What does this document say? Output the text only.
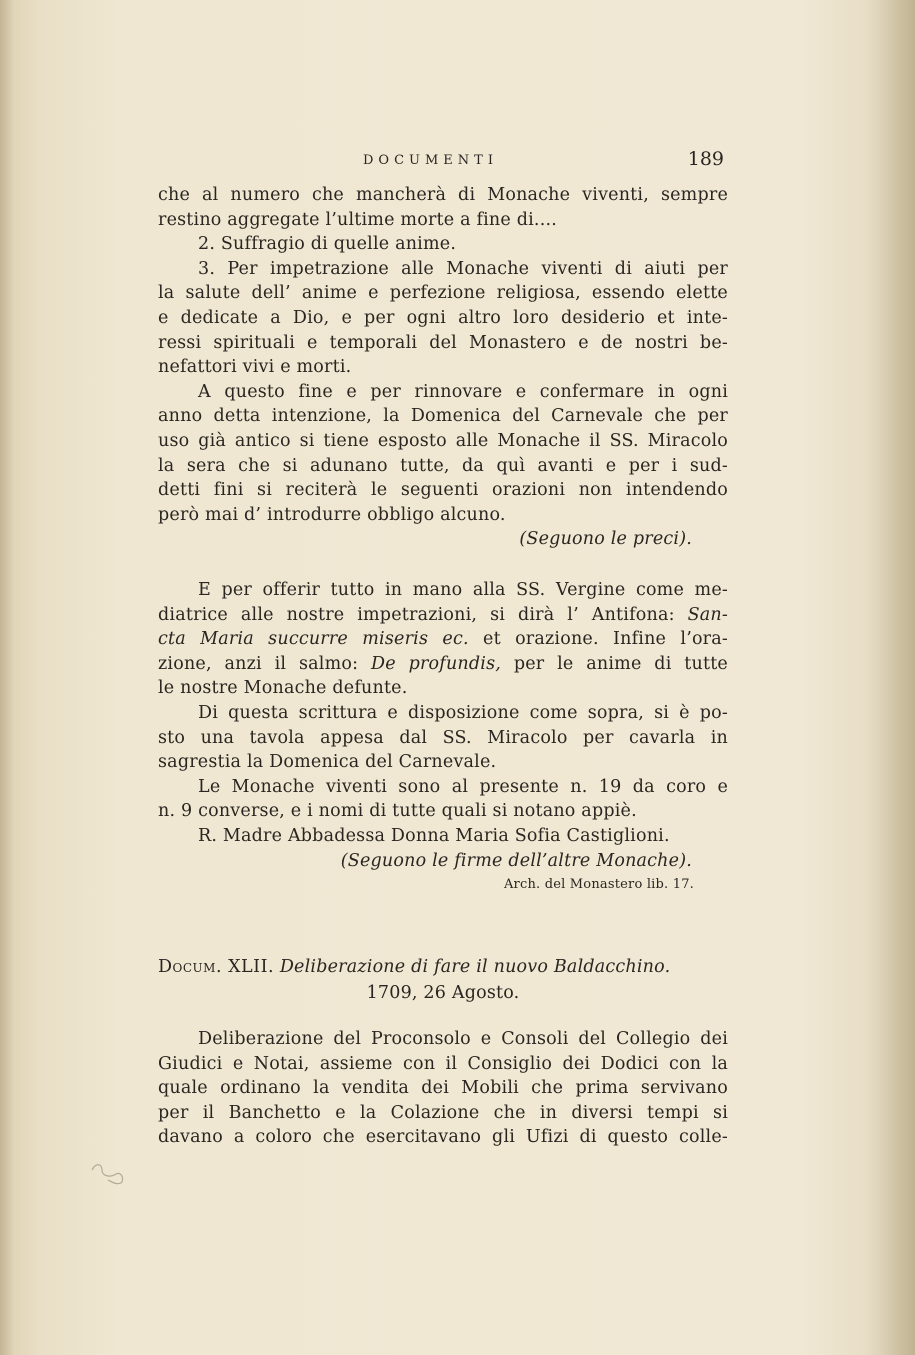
DOCUMENTI	189
che al numero che mancherà di Monache viventi, sempre
restino aggregate l’ultime morte a fine di....
2. Suffragio di quelle anime.
3. Per impetrazione alle Monache viventi di aiuti per
la salute dell’ animе e perfezione religiosa, essendo elette
e dedicate a Dio, e per ogni altro loro desiderio et inte-
ressi spirituali e temporali del Monastero e de nostri be-
nefattori vivi e morti.
A questo fine e per rinnovare e confermare in ogni
anno detta intenzione, la Domenica del Carnevale che per
uso già antico si tiene esposto alle Monache il SS. Miracolo
la sera che si adunano tutte, da quì avanti e per i sud-
detti fini si reciterà le seguenti orazioni non intendendo
però mai d’ introdurre obbligo alcuno.
(Seguono le preci).
E per offerir tutto in mano alla SS. Vergine come me-
diatrice alle nostre impetrazioni, si dirà l’ Antifona: San-
cta Maria succurre miseris ec. et orazione. Infine l’ora-
zione, anzi il salmo: De profundis, per le anime di tutte
le nostre Monache defunte.
Di questa scrittura e disposizione come sopra, si è po-
sto una tavola appesa dal SS. Miracolo per cavarla in
sagrestia la Domenica del Carnevale.
Le Monache viventi sono al presente n. 19 da coro e
n. 9 converse, e i nomi di tutte quali si notano appiè.
R. Madre Abbadessa Donna Maria Sofia Castiglioni.
(Seguono le firme dell’altre Monache).
Arch. del Monastero lib. 17.
Docum. XLII. Deliberazione di fare il nuovo Baldacchino.
1709, 26 Agosto.
Deliberazione del Proconsolo e Consoli del Collegio dei
Giudici e Notai, assieme con il Consiglio dei Dodici con la
quale ordinano la vendita dei Mobili che prima servivano
per il Banchetto e la Colazione che in diversi tempi si
davano a coloro che esercitavano gli Ufizi di questo colle-
